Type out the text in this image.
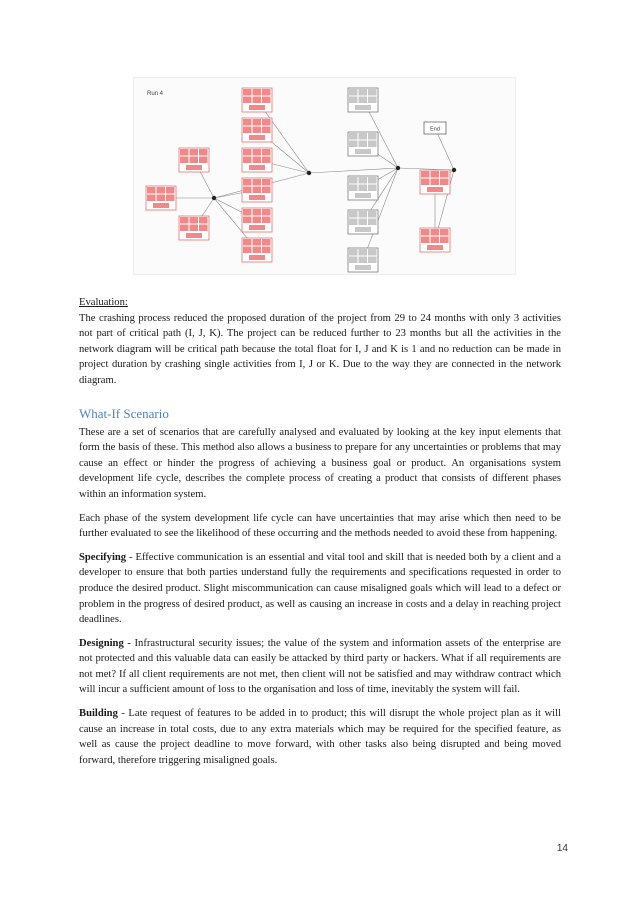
Run 4
End

Evaluation:
The crashing process reduced the proposed duration of the project from 29 to 24 months with only 3 activities not part of critical path (I, J, K). The project can be reduced further to 23 months but all the activities in the network diagram will be critical path because the total float for I, J and K is 1 and no reduction can be made in project duration by crashing single activities from I, J or K. Due to the way they are connected in the network diagram.

What-If Scenario

These are a set of scenarios that are carefully analysed and evaluated by looking at the key input elements that form the basis of these. This method also allows a business to prepare for any uncertainties or problems that may cause an effect or hinder the progress of achieving a business goal or product. An organisations system development life cycle, describes the complete process of creating a product that consists of different phases within an information system.

Each phase of the system development life cycle can have uncertainties that may arise which then need to be further evaluated to see the likelihood of these occurring and the methods needed to avoid these from happening.

Specifying - Effective communication is an essential and vital tool and skill that is needed both by a client and a developer to ensure that both parties understand fully the requirements and specifications requested in order to produce the desired product. Slight miscommunication can cause misaligned goals which will lead to a defect or problem in the progress of desired product, as well as causing an increase in costs and a delay in reaching project deadlines.

Designing - Infrastructural security issues; the value of the system and information assets of the enterprise are not protected and this valuable data can easily be attacked by third party or hackers. What if all requirements are not met? If all client requirements are not met, then client will not be satisfied and may withdraw contract which will incur a sufficient amount of loss to the organisation and loss of time, inevitably the system will fail.

Building - Late request of features to be added in to product; this will disrupt the whole project plan as it will cause an increase in total costs, due to any extra materials which may be required for the specified feature, as well as cause the project deadline to move forward, with other tasks also being disrupted and being moved forward, therefore triggering misaligned goals.

14
